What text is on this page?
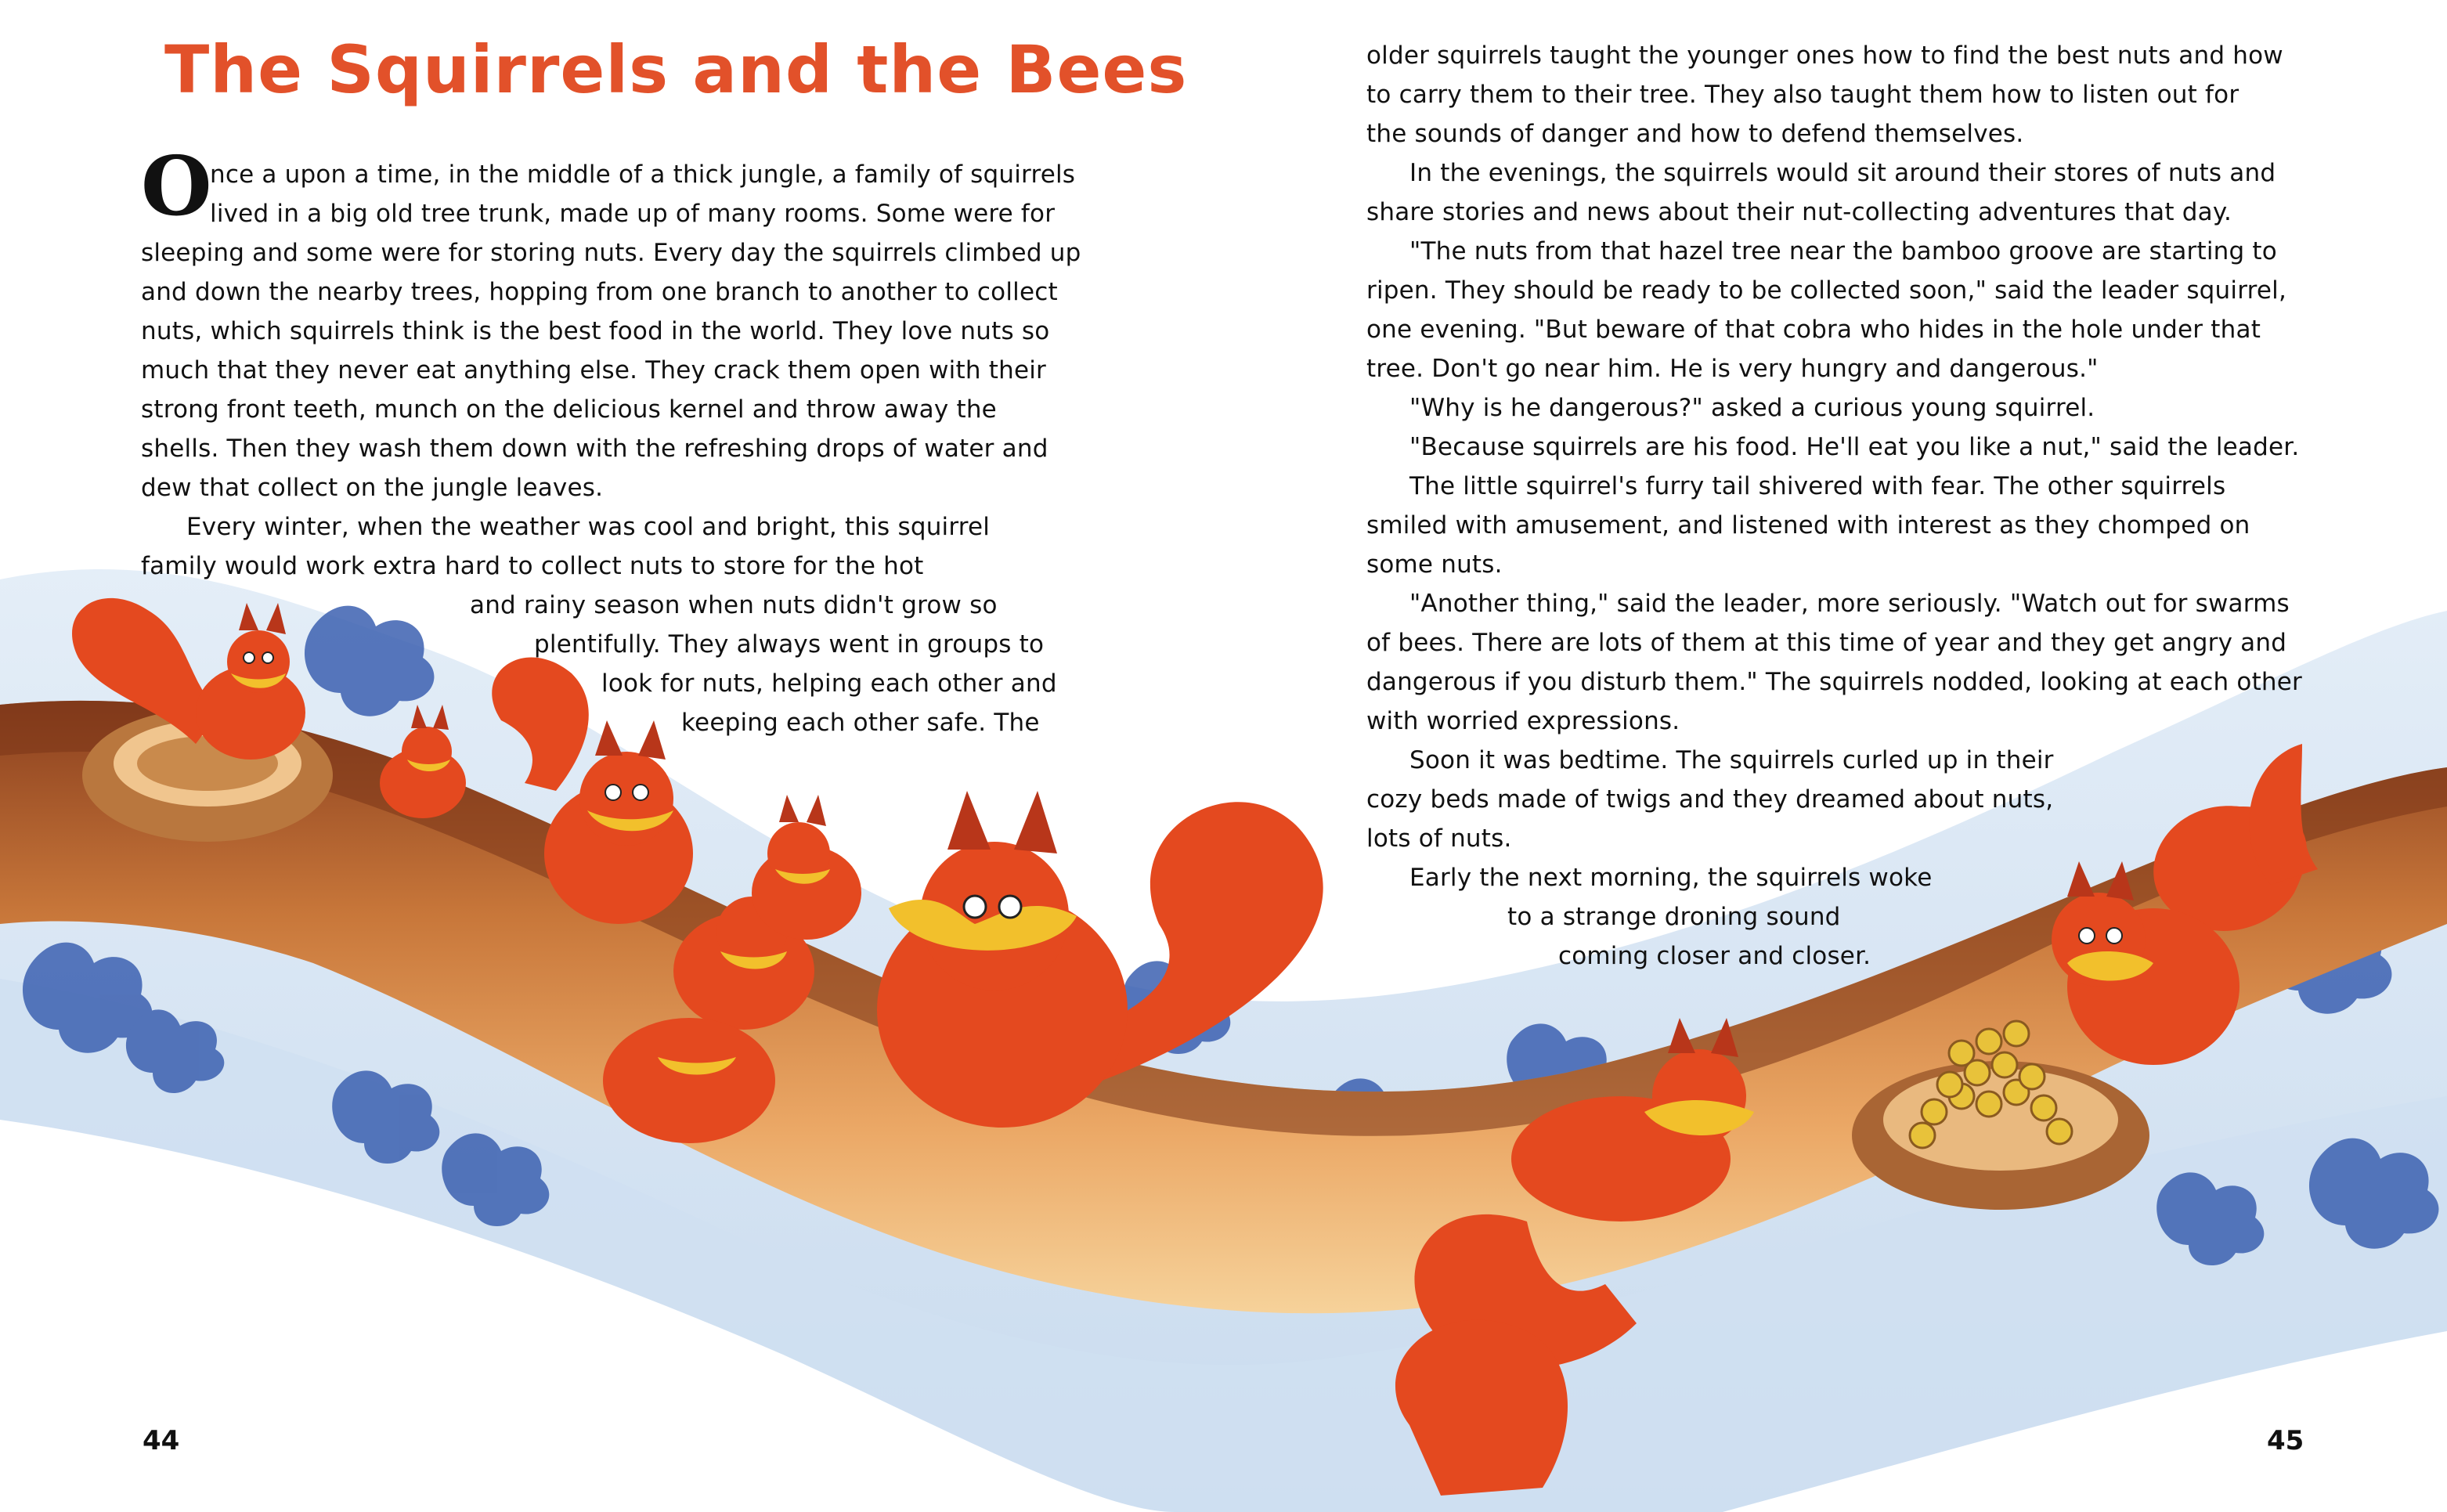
The Squirrels and the Bees
O
nce a upon a time, in the middle of a thick jungle, a family of squirrels
lived in a big old tree trunk, made up of many rooms. Some were for
sleeping and some were for storing nuts. Every day the squirrels climbed up
and down the nearby trees, hopping from one branch to another to collect
nuts, which squirrels think is the best food in the world. They love nuts so
much that they never eat anything else. They crack them open with their
strong front teeth, munch on the delicious kernel and throw away the
shells. Then they wash them down with the refreshing drops of water and
dew that collect on the jungle leaves.
Every winter, when the weather was cool and bright, this squirrel
family would work extra hard to collect nuts to store for the hot
and rainy season when nuts didn't grow so
plentifully. They always went in groups to
look for nuts, helping each other and
keeping each other safe. The
44
older squirrels taught the younger ones how to find the best nuts and how
to carry them to their tree. They also taught them how to listen out for
the sounds of danger and how to defend themselves.
In the evenings, the squirrels would sit around their stores of nuts and
share stories and news about their nut-collecting adventures that day.
"The nuts from that hazel tree near the bamboo groove are starting to
ripen. They should be ready to be collected soon," said the leader squirrel,
one evening. "But beware of that cobra who hides in the hole under that
tree. Don't go near him. He is very hungry and dangerous."
"Why is he dangerous?" asked a curious young squirrel.
"Because squirrels are his food. He'll eat you like a nut," said the leader.
The little squirrel's furry tail shivered with fear. The other squirrels
smiled with amusement, and listened with interest as they chomped on
some nuts.
"Another thing," said the leader, more seriously. "Watch out for swarms
of bees. There are lots of them at this time of year and they get angry and
dangerous if you disturb them." The squirrels nodded, looking at each other
with worried expressions.
Soon it was bedtime. The squirrels curled up in their
cozy beds made of twigs and they dreamed about nuts,
lots of nuts.
Early the next morning, the squirrels woke
to a strange droning sound
coming closer and closer.
45
